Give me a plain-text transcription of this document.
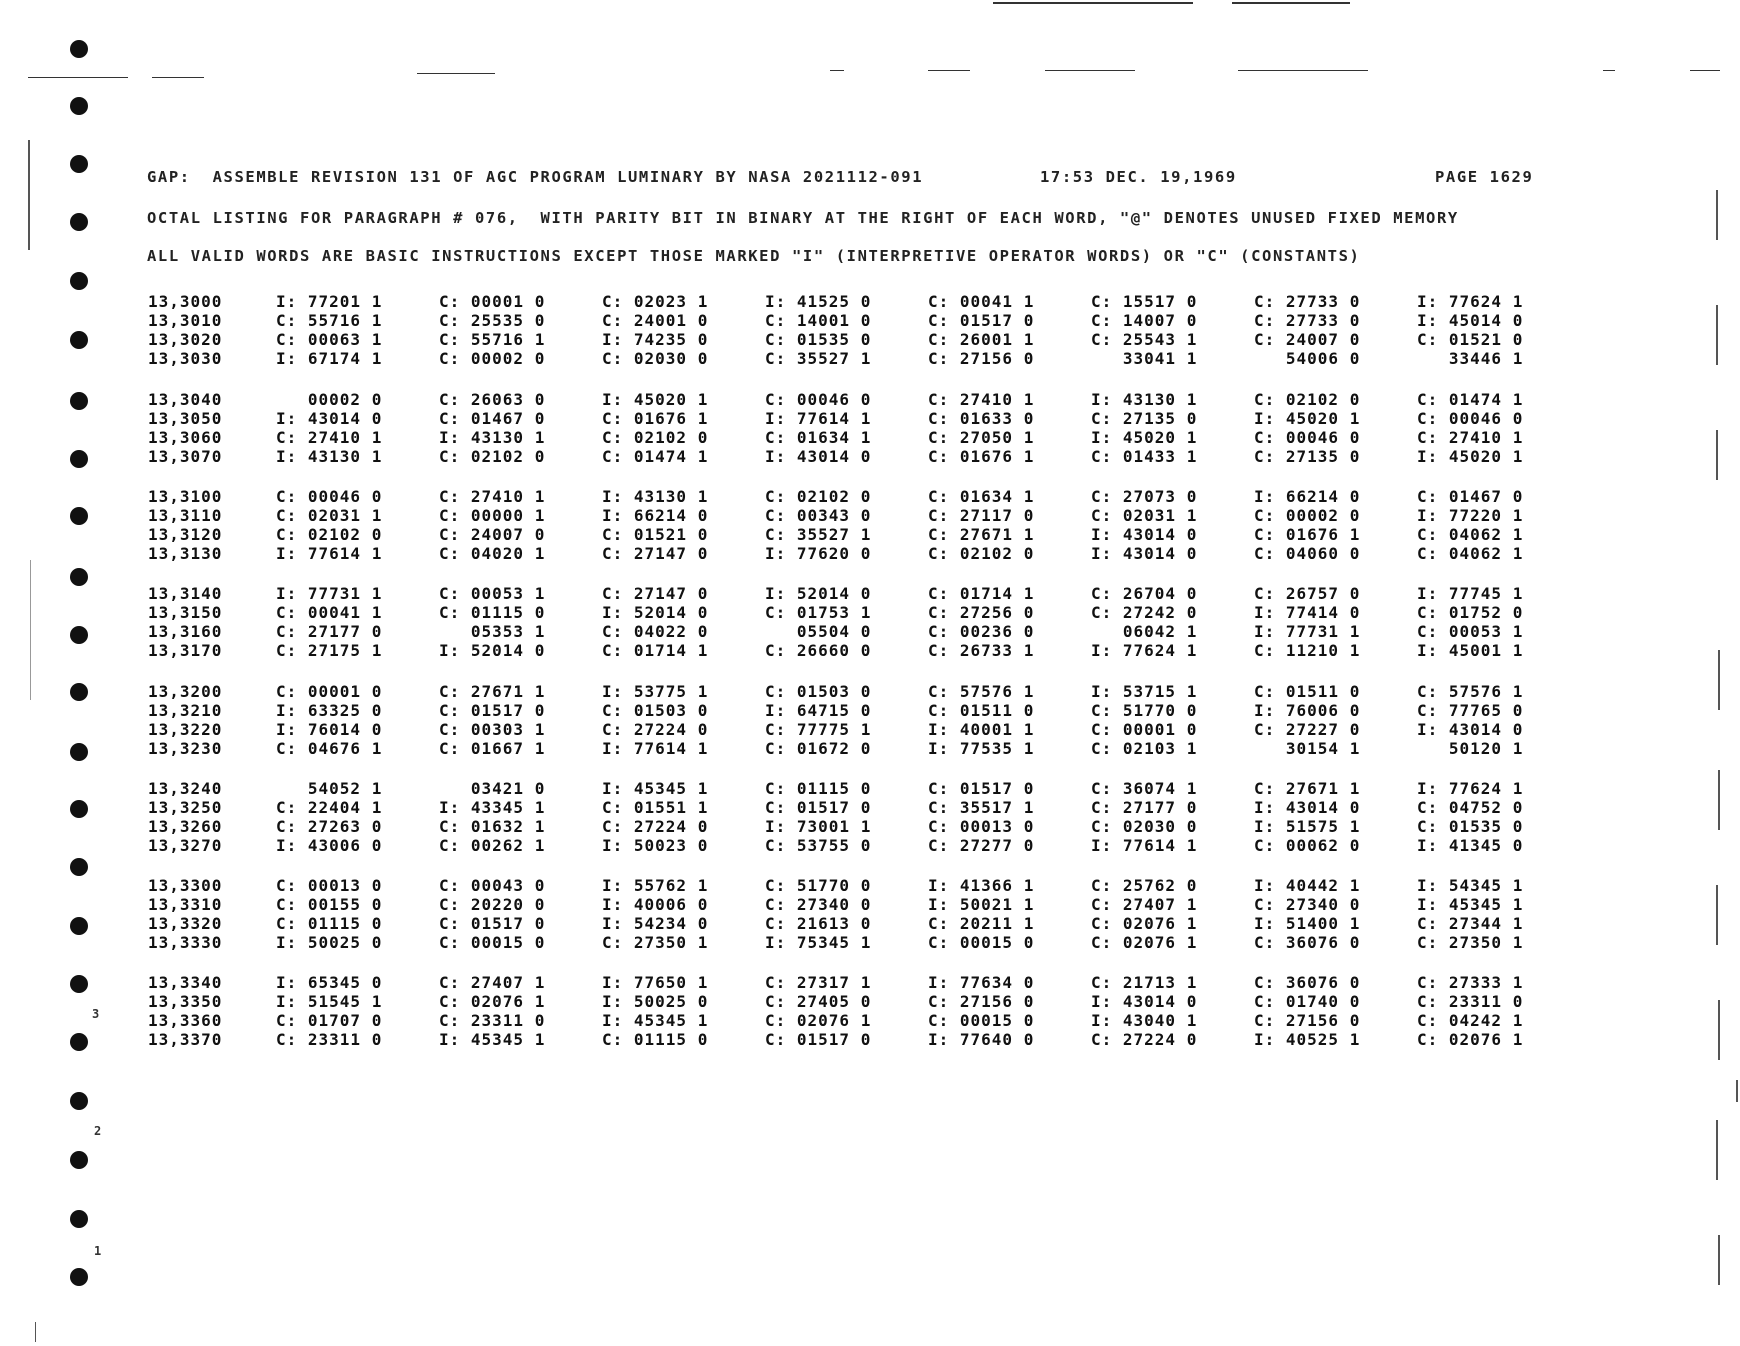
3
2
1
GAP:  ASSEMBLE REVISION 131 OF AGC PROGRAM LUMINARY BY NASA 2021112-091	17:53 DEC. 19,1969	PAGE 1629
OCTAL LISTING FOR PARAGRAPH # 076,  WITH PARITY BIT IN BINARY AT THE RIGHT OF EACH WORD, "@" DENOTES UNUSED FIXED MEMORY
ALL VALID WORDS ARE BASIC INSTRUCTIONS EXCEPT THOSE MARKED "I" (INTERPRETIVE OPERATOR WORDS) OR "C" (CONSTANTS)
13,3000	I: 77201 1	C: 00001 0	C: 02023 1	I: 41525 0	C: 00041 1	C: 15517 0	C: 27733 0	I: 77624 1
13,3010	C: 55716 1	C: 25535 0	C: 24001 0	C: 14001 0	C: 01517 0	C: 14007 0	C: 27733 0	I: 45014 0
13,3020	C: 00063 1	C: 55716 1	I: 74235 0	C: 01535 0	C: 26001 1	C: 25543 1	C: 24007 0	C: 01521 0
13,3030	I: 67174 1	C: 00002 0	C: 02030 0	C: 35527 1	C: 27156 0	33041 1	54006 0	33446 1
13,3040	00002 0	C: 26063 0	I: 45020 1	C: 00046 0	C: 27410 1	I: 43130 1	C: 02102 0	C: 01474 1
13,3050	I: 43014 0	C: 01467 0	C: 01676 1	I: 77614 1	C: 01633 0	C: 27135 0	I: 45020 1	C: 00046 0
13,3060	C: 27410 1	I: 43130 1	C: 02102 0	C: 01634 1	C: 27050 1	I: 45020 1	C: 00046 0	C: 27410 1
13,3070	I: 43130 1	C: 02102 0	C: 01474 1	I: 43014 0	C: 01676 1	C: 01433 1	C: 27135 0	I: 45020 1
13,3100	C: 00046 0	C: 27410 1	I: 43130 1	C: 02102 0	C: 01634 1	C: 27073 0	I: 66214 0	C: 01467 0
13,3110	C: 02031 1	C: 00000 1	I: 66214 0	C: 00343 0	C: 27117 0	C: 02031 1	C: 00002 0	I: 77220 1
13,3120	C: 02102 0	C: 24007 0	C: 01521 0	C: 35527 1	C: 27671 1	I: 43014 0	C: 01676 1	C: 04062 1
13,3130	I: 77614 1	C: 04020 1	C: 27147 0	I: 77620 0	C: 02102 0	I: 43014 0	C: 04060 0	C: 04062 1
13,3140	I: 77731 1	C: 00053 1	C: 27147 0	I: 52014 0	C: 01714 1	C: 26704 0	C: 26757 0	I: 77745 1
13,3150	C: 00041 1	C: 01115 0	I: 52014 0	C: 01753 1	C: 27256 0	C: 27242 0	I: 77414 0	C: 01752 0
13,3160	C: 27177 0	05353 1	C: 04022 0	05504 0	C: 00236 0	06042 1	I: 77731 1	C: 00053 1
13,3170	C: 27175 1	I: 52014 0	C: 01714 1	C: 26660 0	C: 26733 1	I: 77624 1	C: 11210 1	I: 45001 1
13,3200	C: 00001 0	C: 27671 1	I: 53775 1	C: 01503 0	C: 57576 1	I: 53715 1	C: 01511 0	C: 57576 1
13,3210	I: 63325 0	C: 01517 0	C: 01503 0	I: 64715 0	C: 01511 0	C: 51770 0	I: 76006 0	C: 77765 0
13,3220	I: 76014 0	C: 00303 1	C: 27224 0	C: 77775 1	I: 40001 1	C: 00001 0	C: 27227 0	I: 43014 0
13,3230	C: 04676 1	C: 01667 1	I: 77614 1	C: 01672 0	I: 77535 1	C: 02103 1	30154 1	50120 1
13,3240	54052 1	03421 0	I: 45345 1	C: 01115 0	C: 01517 0	C: 36074 1	C: 27671 1	I: 77624 1
13,3250	C: 22404 1	I: 43345 1	C: 01551 1	C: 01517 0	C: 35517 1	C: 27177 0	I: 43014 0	C: 04752 0
13,3260	C: 27263 0	C: 01632 1	C: 27224 0	I: 73001 1	C: 00013 0	C: 02030 0	I: 51575 1	C: 01535 0
13,3270	I: 43006 0	C: 00262 1	I: 50023 0	C: 53755 0	C: 27277 0	I: 77614 1	C: 00062 0	I: 41345 0
13,3300	C: 00013 0	C: 00043 0	I: 55762 1	C: 51770 0	I: 41366 1	C: 25762 0	I: 40442 1	I: 54345 1
13,3310	C: 00155 0	C: 20220 0	I: 40006 0	C: 27340 0	I: 50021 1	C: 27407 1	C: 27340 0	I: 45345 1
13,3320	C: 01115 0	C: 01517 0	I: 54234 0	C: 21613 0	C: 20211 1	C: 02076 1	I: 51400 1	C: 27344 1
13,3330	I: 50025 0	C: 00015 0	C: 27350 1	I: 75345 1	C: 00015 0	C: 02076 1	C: 36076 0	C: 27350 1
13,3340	I: 65345 0	C: 27407 1	I: 77650 1	C: 27317 1	I: 77634 0	C: 21713 1	C: 36076 0	C: 27333 1
13,3350	I: 51545 1	C: 02076 1	I: 50025 0	C: 27405 0	C: 27156 0	I: 43014 0	C: 01740 0	C: 23311 0
13,3360	C: 01707 0	C: 23311 0	I: 45345 1	C: 02076 1	C: 00015 0	I: 43040 1	C: 27156 0	C: 04242 1
13,3370	C: 23311 0	I: 45345 1	C: 01115 0	C: 01517 0	I: 77640 0	C: 27224 0	I: 40525 1	C: 02076 1
